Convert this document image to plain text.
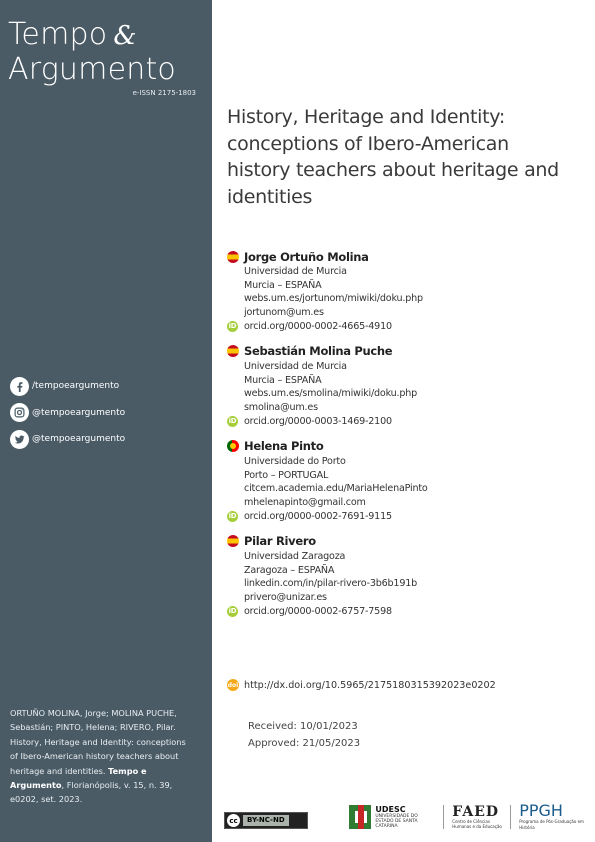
Tempo &
Argumento
e-ISSN 2175-1803
/tempoeargumento
@tempoeargumento
@tempoeargumento
ORTUÑO MOLINA, Jorge; MOLINA PUCHE, Sebastián; PINTO, Helena; RIVERO, Pilar. History, Heritage and Identity: conceptions of Ibero-American history teachers about heritage and identities. Tempo e Argumento, Florianópolis, v. 15, n. 39, e0202, set. 2023.
History, Heritage and Identity: conceptions of Ibero-American history teachers about heritage and identities
Jorge Ortuño Molina
Universidad de Murcia
Murcia – ESPAÑA
webs.um.es/jortunom/miwiki/doku.php
jortunom@um.es
iD orcid.org/0000-0002-4665-4910
Sebastián Molina Puche
Universidad de Murcia
Murcia – ESPAÑA
webs.um.es/smolina/miwiki/doku.php
smolina@um.es
iD orcid.org/0000-0003-1469-2100
Helena Pinto
Universidade do Porto
Porto – PORTUGAL
citcem.academia.edu/MariaHelenaPinto
mhelenapinto@gmail.com
iD orcid.org/0000-0002-7691-9115
Pilar Rivero
Universidad Zaragoza
Zaragoza – ESPAÑA
linkedin.com/in/pilar-rivero-3b6b191b
privero@unizar.es
iD orcid.org/0000-0002-6757-7598
doi http://dx.doi.org/10.5965/2175180315392023e0202
Received: 10/01/2023
Approved: 21/05/2023
cc	BY-NC-ND
UDESC
UNIVERSIDADE DO ESTADO DE SANTA CATARINA
FAED
Centro de Ciências Humanas e da Educação
PPGH
Programa de Pós-Graduação em História
